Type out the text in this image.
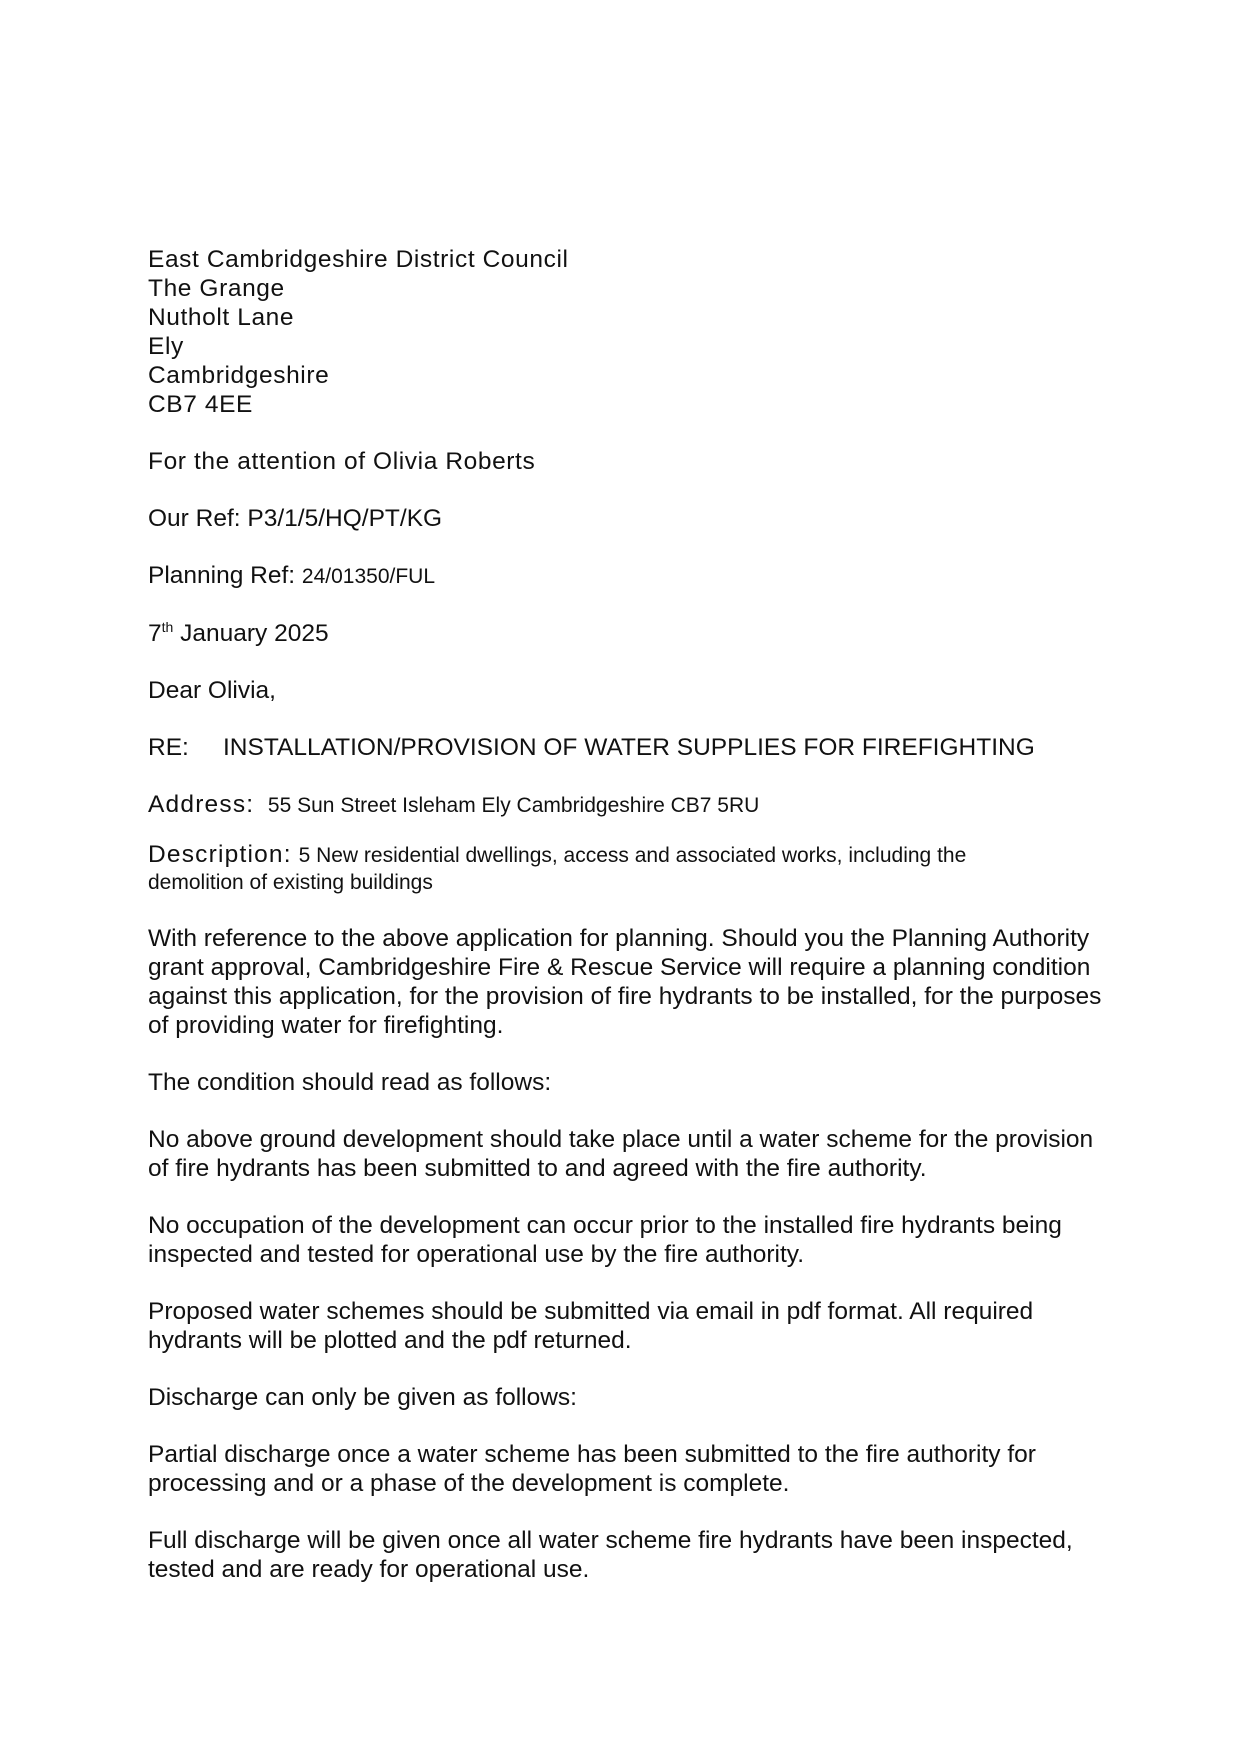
East Cambridgeshire District Council
The Grange
Nutholt Lane
Ely
Cambridgeshire
CB7 4EE

For the attention of Olivia Roberts

Our Ref: P3/1/5/HQ/PT/KG

Planning Ref: 24/01350/FUL

7th January 2025

Dear Olivia,

RE:	INSTALLATION/PROVISION OF WATER SUPPLIES FOR FIREFIGHTING

Address: 55 Sun Street Isleham Ely Cambridgeshire CB7 5RU

Description: 5 New residential dwellings, access and associated works, including the
demolition of existing buildings

With reference to the above application for planning. Should you the Planning Authority grant approval, Cambridgeshire Fire & Rescue Service will require a planning condition against this application, for the provision of fire hydrants to be installed, for the purposes of providing water for firefighting.

The condition should read as follows:

No above ground development should take place until a water scheme for the provision of fire hydrants has been submitted to and agreed with the fire authority.

No occupation of the development can occur prior to the installed fire hydrants being inspected and tested for operational use by the fire authority.

Proposed water schemes should be submitted via email in pdf format. All required hydrants will be plotted and the pdf returned.

Discharge can only be given as follows:

Partial discharge once a water scheme has been submitted to the fire authority for processing and or a phase of the development is complete.

Full discharge will be given once all water scheme fire hydrants have been inspected, tested and are ready for operational use.
